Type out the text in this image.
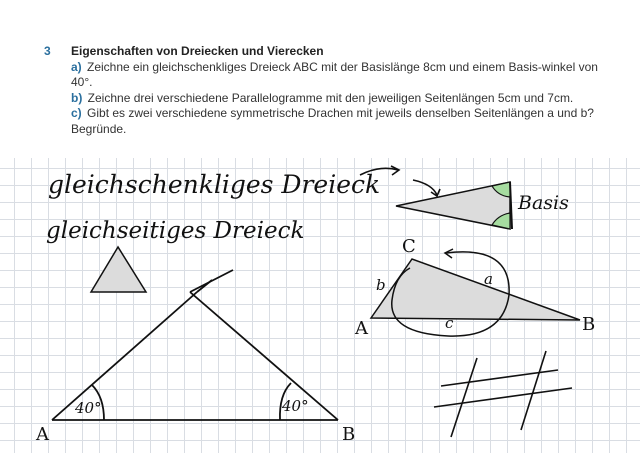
3 Eigenschaften von Dreiecken und Vierecken

a) Zeichne ein gleichschenkliges Dreieck ABC mit der Basislänge 8cm und einem Basis-winkel von 40°.

b) Zeichne drei verschiedene Parallelogramme mit den jeweiligen Seitenlängen 5cm und 7cm.

c) Gibt es zwei verschiedene symmetrische Drachen mit jeweils denselben Seitenlängen a und b? Begründe.

gleichschenkliges Dreieck
gleichseitiges Dreieck
Basis
A	B
40°	40°
A	B
C
a
b
c
